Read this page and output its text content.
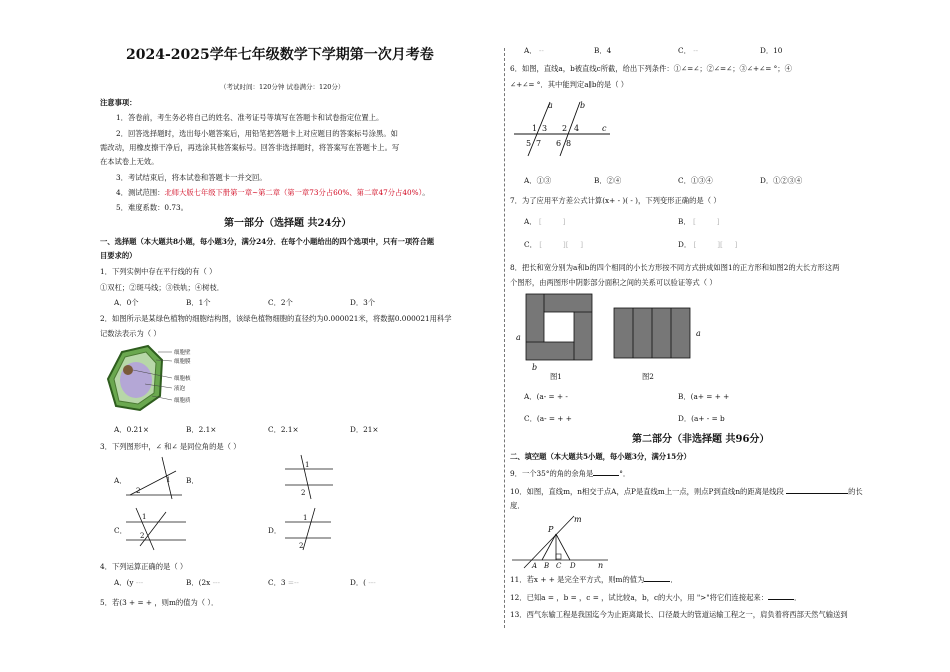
2024-2025学年七年级数学下学期第一次月考卷
（考试时间：120分钟 试卷满分：120分）
注意事项：
1．答卷前，考生务必将自己的姓名、准考证号等填写在答题卡和试卷指定位置上。
2．回答选择题时，选出每小题答案后，用铅笔把答题卡上对应题目的答案标号涂黑。如
需改动，用橡皮擦干净后，再选涂其他答案标号。回答非选择题时，将答案写在答题卡上。写
在本试卷上无效。
3．考试结束后，将本试卷和答题卡一并交回。
4．测试范围：北师大版七年级下册第一章~第二章（第一章73分占60%、第二章47分占40%）。
5．难度系数：0.73。
第一部分（选择题 共24分）
一、选择题（本大题共8小题，每小题3分，满分24分．在每个小题给出的四个选项中，只有一项符合题
目要求的）
1．下列实例中存在平行线的有（ ）
①双杠；②斑马线；③铁轨；④树枝．
A．0个	B．1个	C．2个	D．3个
2．如图所示是某绿色植物的细胞结构图，该绿色植物细胞的直径约为0.000021米，将数据0.000021用科学
记数法表示为（ ）
细胞壁
细胞膜
细胞核
液泡
细胞质
A．0.21×	B．2.1×	C．2.1×	D．21×
3．下列图形中，∠ 和∠ 是同位角的是（ ）
A．	1
2
B．
1
2
C．
1
2
D．
1
2
4．下列运算正确的是（ ）
A．(y ---	B．(2x ---	C．3 =--	D．( ---
5．若(3 + = + ，则m的值为（ ）．
A． --	B．4	C． --	D．10
6．如图，直线a，b被直线c所截，给出下列条件：①∠=∠；②∠=∠；③∠+∠= °；④
∠+∠= °．其中能判定a∥b的是（ ）
a	b
c
1 3 2 4
5 7 6 8
A．①③	B．②④	C．①③④	D．①②③④
7．为了应用平方差公式计算(x+ - )( - )，下列变形正确的是（ ）
A． [         ]	B． [         ]
C． [         ][     ]	D． [         ][     ]
8．把长和宽分别为a和b的四个相同的小长方形按不同方式拼成如图1的正方形和如图2的大长方形这两
个图形，由两图形中阴影部分面积之间的关系可以验证等式（ ）
a
b
a
图1	图2
A．(a- = + -	B．(a+ = + +
C．(a- = + +	D．(a+ - = b
第二部分（非选择题 共96分）
二、填空题（本大题共5小题，每小题3分，满分15分）
9．一个35°的角的余角是	°．
10．如图，直线m，n相交于点A，点P是直线m上一点，则点P到直线n的距离是线段	的长
度．
P
m
n
A B C D
11．若x + + 是完全平方式，则m的值为	．
12．已知a = ，b = ，c = ，试比较a，b，c的大小，用 ">"将它们连接起来：	．
13．西气东输工程是我国迄今为止距离最长、口径最大的管道运输工程之一，肩负着将西部天然气输送到
